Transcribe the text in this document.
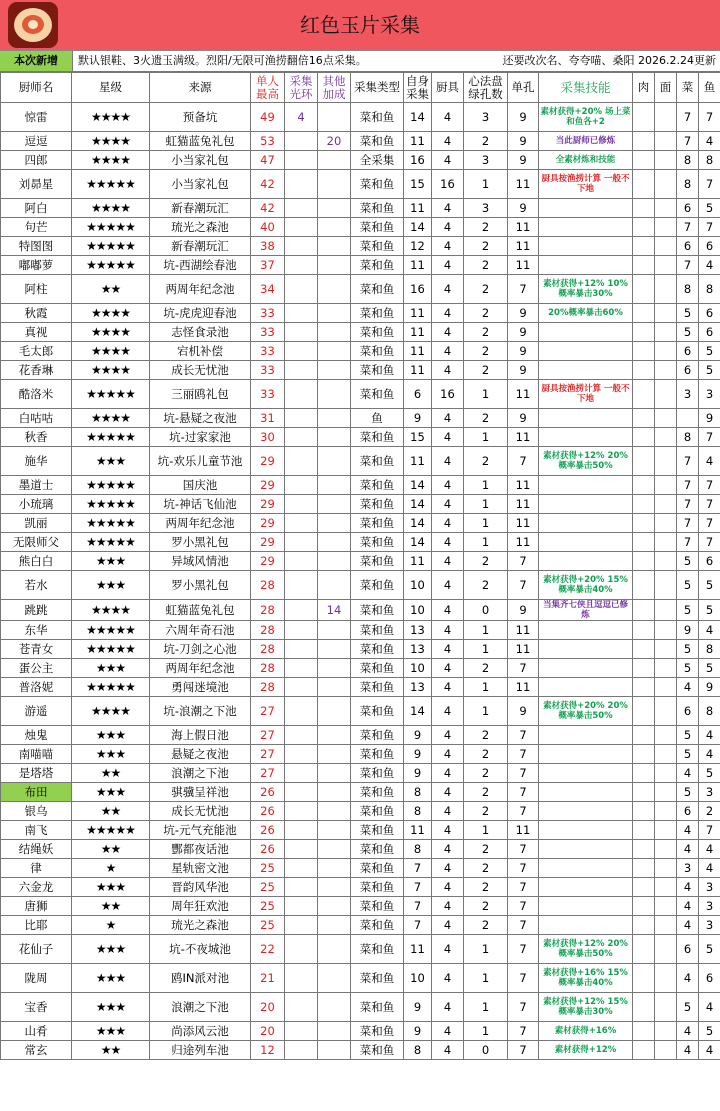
红色玉片采集
本次新增	默认银鞋、3火遗玉满级。烈阳/无限可渔捞翻倍16点采集。	还要改次名、夸夸喵、桑阳 2026.2.24更新
厨师名	星级	来源	单人最高	采集光环	其他加成	采集类型	自身采集	厨具	心法盘绿孔数	单孔	采集技能	肉	面	菜	鱼
惊雷	★★★★	预备坑	49	4		菜和鱼	14	4	3	9	素材获得+20% 场上菜和鱼各+2			7	7
逗逗	★★★★	虹猫蓝兔礼包	53		20	菜和鱼	11	4	2	9	当此厨师已修炼			7	4
四郎	★★★★	小当家礼包	47			全采集	16	4	3	9	全素材炼和技能			8	8
刘昴星	★★★★★	小当家礼包	42			菜和鱼	15	16	1	11	厨具按渔捞计算 一般不下地			8	7
阿白	★★★★	新春潮玩汇	42			菜和鱼	11	4	3	9				6	5
句芒	★★★★★	琉光之森池	40			菜和鱼	14	4	2	11				7	7
特图图	★★★★★	新春潮玩汇	38			菜和鱼	12	4	2	11				6	6
嘟嘟萝	★★★★★	坑-西湖绘春池	37			菜和鱼	11	4	2	11				7	4
阿柱	★★	两周年纪念池	34			菜和鱼	16	4	2	7	素材获得+12% 10%概率暴击30%			8	8
秋霞	★★★★	坑-虎虎迎春池	33			菜和鱼	11	4	2	9	20%概率暴击60%			5	6
真视	★★★★	志怪食录池	33			菜和鱼	11	4	2	9				5	6
毛太郎	★★★★	宕机补偿	33			菜和鱼	11	4	2	9				6	5
花香琳	★★★★	成长无忧池	33			菜和鱼	11	4	2	9				6	5
酷洛米	★★★★★	三丽鸥礼包	33			菜和鱼	6	16	1	11	厨具按渔捞计算 一般不下地			3	3
白咕咕	★★★★	坑-悬疑之夜池	31			鱼	9	4	2	9					9
秋香	★★★★★	坑-过家家池	30			菜和鱼	15	4	1	11				8	7
施华	★★★	坑-欢乐儿童节池	29			菜和鱼	11	4	2	7	素材获得+12% 20%概率暴击50%			7	4
墨道士	★★★★★	国庆池	29			菜和鱼	14	4	1	11				7	7
小琉璃	★★★★★	坑-神话飞仙池	29			菜和鱼	14	4	1	11				7	7
凯丽	★★★★★	两周年纪念池	29			菜和鱼	14	4	1	11				7	7
无限师父	★★★★★	罗小黑礼包	29			菜和鱼	14	4	1	11				7	7
熊白白	★★★	异域风情池	29			菜和鱼	11	4	2	7				5	6
若水	★★★	罗小黑礼包	28			菜和鱼	10	4	2	7	素材获得+20% 15%概率暴击40%			5	5
跳跳	★★★★	虹猫蓝兔礼包	28		14	菜和鱼	10	4	0	9	当集齐七侠且逗逗已修炼			5	5
东华	★★★★★	六周年奇石池	28			菜和鱼	13	4	1	11				9	4
苍青女	★★★★★	坑-刀剑之心池	28			菜和鱼	13	4	1	11				5	8
蛋公主	★★★	两周年纪念池	28			菜和鱼	10	4	2	7				5	5
普洛妮	★★★★★	勇闯迷境池	28			菜和鱼	13	4	1	11				4	9
游遥	★★★★	坑-浪潮之下池	27			菜和鱼	14	4	1	9	素材获得+20% 20%概率暴击50%			6	8
烛鬼	★★★	海上假日池	27			菜和鱼	9	4	2	7				5	4
南喵喵	★★★	悬疑之夜池	27			菜和鱼	9	4	2	7				5	4
是塔塔	★★	浪潮之下池	27			菜和鱼	9	4	2	7				4	5
布田	★★★	骐骥呈祥池	26			菜和鱼	8	4	2	7				5	3
银乌	★★	成长无忧池	26			菜和鱼	8	4	2	7				6	2
南飞	★★★★★	坑-元气充能池	26			菜和鱼	11	4	1	11				4	7
结绳妖	★★	酆都夜话池	26			菜和鱼	8	4	2	7				4	4
律	★	星轨密文池	25			菜和鱼	7	4	2	7				3	4
六金龙	★★★	晋韵风华池	25			菜和鱼	7	4	2	7				4	3
唐狮	★★	周年狂欢池	25			菜和鱼	7	4	2	7				4	3
比耶	★	琉光之森池	25			菜和鱼	7	4	2	7				4	3
花仙子	★★★	坑-不夜城池	22			菜和鱼	11	4	1	7	素材获得+12% 20%概率暴击50%			6	5
陇周	★★★	鸥IN派对池	21			菜和鱼	10	4	1	7	素材获得+16% 15%概率暴击40%			4	6
宝香	★★★	浪潮之下池	20			菜和鱼	9	4	1	7	素材获得+12% 15%概率暴击30%			5	4
山肴	★★★	尚添风云池	20			菜和鱼	9	4	1	7	素材获得+16%			4	5
常玄	★★	归途列车池	12			菜和鱼	8	4	0	7	素材获得+12%			4	4
